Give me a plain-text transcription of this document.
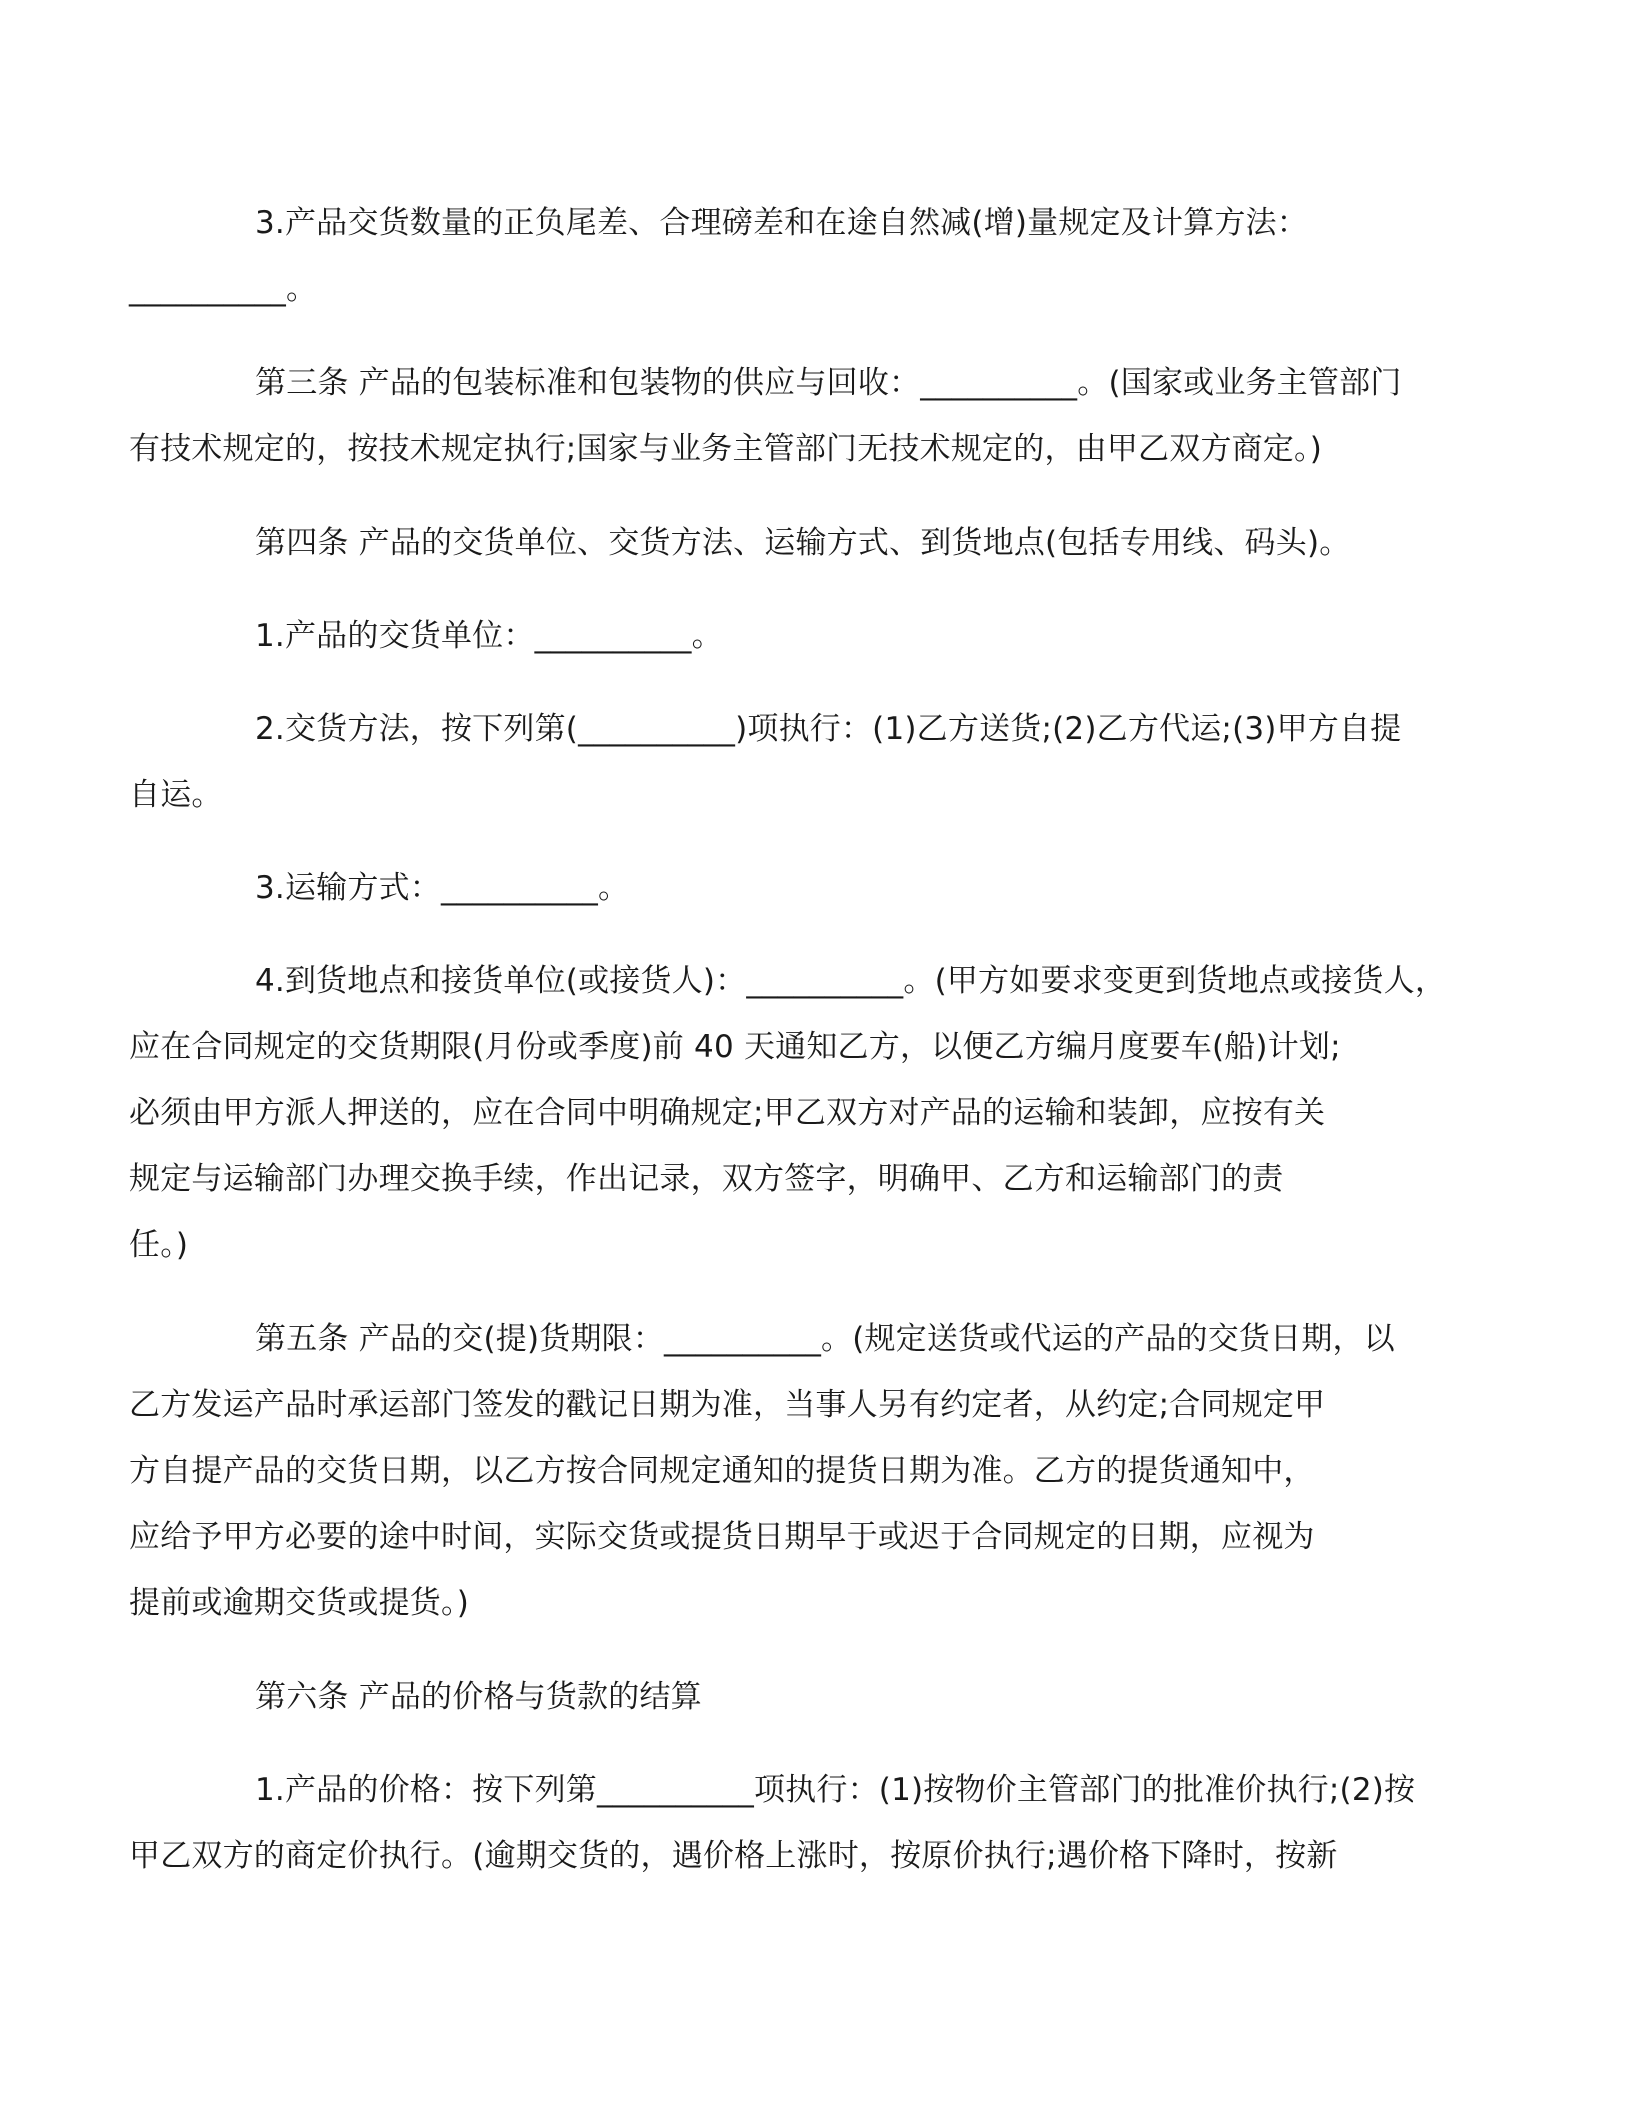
3.产品交货数量的正负尾差、合理磅差和在途自然减(增)量规定及计算方法：
__________。

第三条 产品的包装标准和包装物的供应与回收：__________。(国家或业务主管部门
有技术规定的，按技术规定执行;国家与业务主管部门无技术规定的，由甲乙双方商定。)

第四条 产品的交货单位、交货方法、运输方式、到货地点(包括专用线、码头)。

1.产品的交货单位：__________。

2.交货方法，按下列第(__________)项执行：(1)乙方送货;(2)乙方代运;(3)甲方自提
自运。

3.运输方式：__________。

4.到货地点和接货单位(或接货人)：__________。(甲方如要求变更到货地点或接货人，
应在合同规定的交货期限(月份或季度)前 40 天通知乙方，以便乙方编月度要车(船)计划;
必须由甲方派人押送的，应在合同中明确规定;甲乙双方对产品的运输和装卸，应按有关
规定与运输部门办理交换手续，作出记录，双方签字，明确甲、乙方和运输部门的责
任。)

第五条 产品的交(提)货期限：__________。(规定送货或代运的产品的交货日期，以
乙方发运产品时承运部门签发的戳记日期为准，当事人另有约定者，从约定;合同规定甲
方自提产品的交货日期，以乙方按合同规定通知的提货日期为准。乙方的提货通知中，
应给予甲方必要的途中时间，实际交货或提货日期早于或迟于合同规定的日期，应视为
提前或逾期交货或提货。)

第六条 产品的价格与货款的结算

1.产品的价格：按下列第__________项执行：(1)按物价主管部门的批准价执行;(2)按
甲乙双方的商定价执行。(逾期交货的，遇价格上涨时，按原价执行;遇价格下降时，按新
